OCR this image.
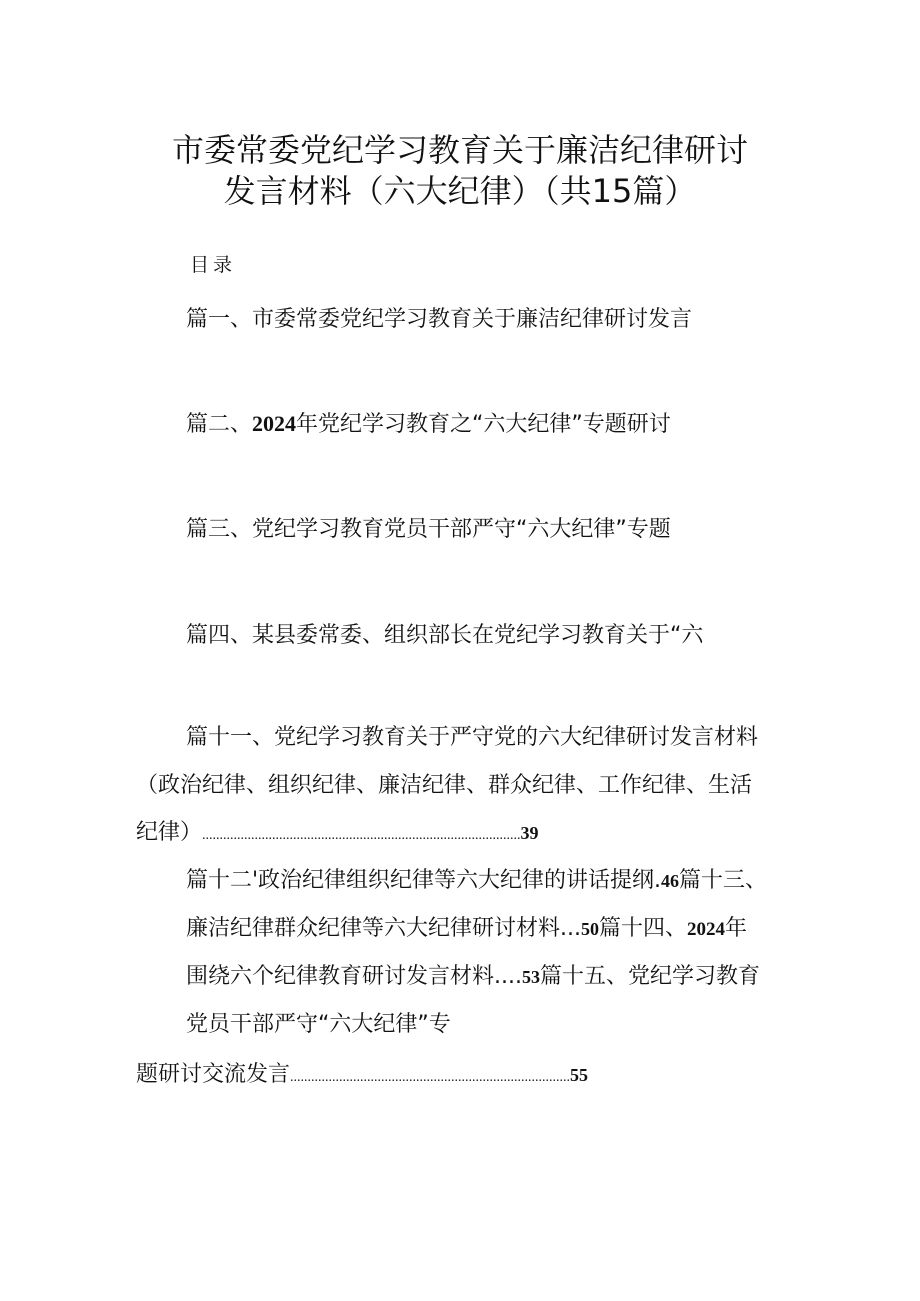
市委常委党纪学习教育关于廉洁纪律研讨
发言材料（六大纪律）（共15篇）
目录
篇一、市委常委党纪学习教育关于廉洁纪律研讨发言
篇二、2024年党纪学习教育之“六大纪律”专题研讨
篇三、党纪学习教育党员干部严守“六大纪律”专题
篇四、某县委常委、组织部长在党纪学习教育关于“六
篇十一、党纪学习教育关于严守党的六大纪律研讨发言材料
（政治纪律、组织纪律、廉洁纪律、群众纪律、工作纪律、生活
纪律）...........................................................................................39
篇十二'政治纪律组织纪律等六大纪律的讲话提纲.46篇十三、
廉洁纪律群众纪律等六大纪律研讨材料...50篇十四、2024年
围绕六个纪律教育研讨发言材料....53篇十五、党纪学习教育
党员干部严守“六大纪律”专
题研讨交流发言................................................................................55
